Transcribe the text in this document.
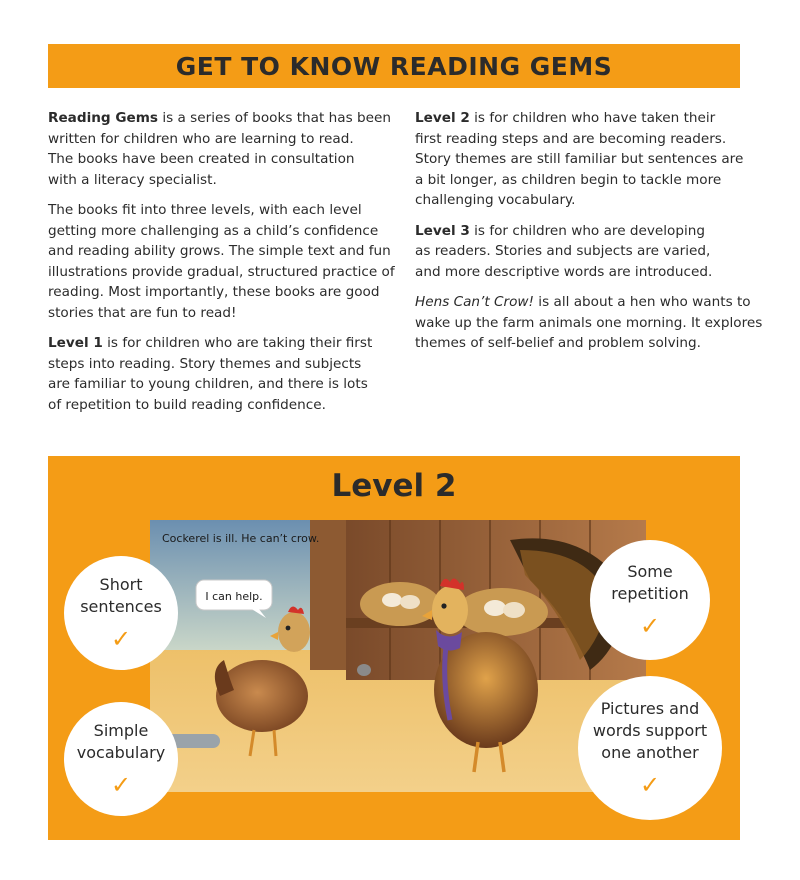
GET TO KNOW READING GEMS

Reading Gems is a series of books that has been
written for children who are learning to read.
The books have been created in consultation
with a literacy specialist.

The books fit into three levels, with each level
getting more challenging as a child’s confidence
and reading ability grows. The simple text and fun
illustrations provide gradual, structured practice of
reading. Most importantly, these books are good
stories that are fun to read!

Level 1 is for children who are taking their first
steps into reading. Story themes and subjects
are familiar to young children, and there is lots
of repetition to build reading confidence.

Level 2 is for children who have taken their
first reading steps and are becoming readers.
Story themes are still familiar but sentences are
a bit longer, as children begin to tackle more
challenging vocabulary.

Level 3 is for children who are developing
as readers. Stories and subjects are varied,
and more descriptive words are introduced.

Hens Can’t Crow! is all about a hen who wants to
wake up the farm animals one morning. It explores
themes of self-belief and problem solving.

Level 2
Cockerel is ill. He can’t crow.
I can help.
Short
sentences
✓
Simple
vocabulary
✓
Some
repetition
✓
Pictures and
words support
one another
✓
